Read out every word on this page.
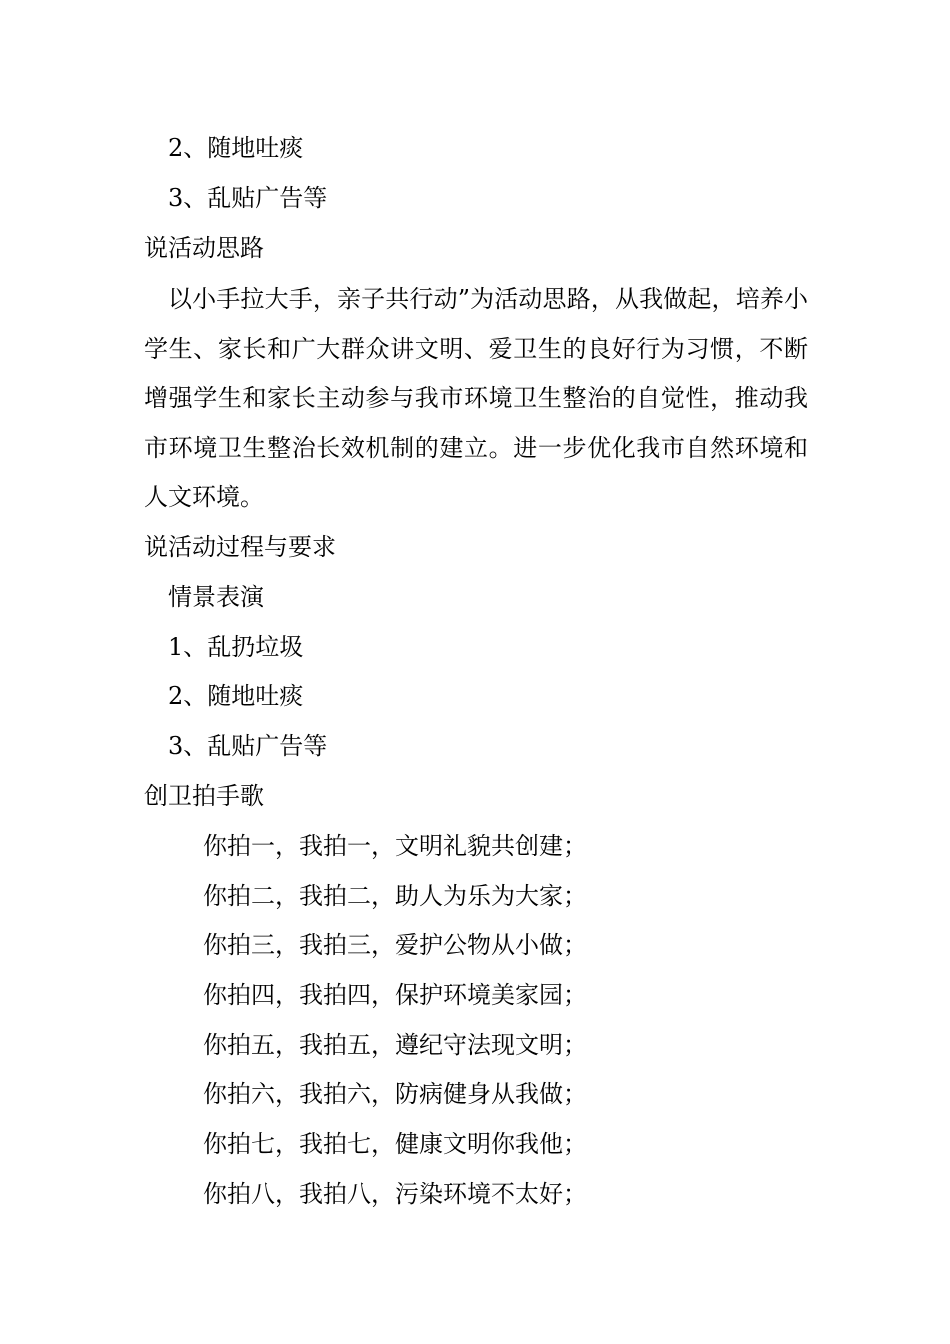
2、随地吐痰
3、乱贴广告等
说活动思路
以小手拉大手，亲子共行动”为活动思路，从我做起，培养小学生、家长和广大群众讲文明、爱卫生的良好行为习惯，不断增强学生和家长主动参与我市环境卫生整治的自觉性，推动我市环境卫生整治长效机制的建立。进一步优化我市自然环境和人文环境。
说活动过程与要求
情景表演
1、乱扔垃圾
2、随地吐痰
3、乱贴广告等
创卫拍手歌
你拍一，我拍一，文明礼貌共创建；
你拍二，我拍二，助人为乐为大家；
你拍三，我拍三，爱护公物从小做；
你拍四，我拍四，保护环境美家园；
你拍五，我拍五，遵纪守法现文明；
你拍六，我拍六，防病健身从我做；
你拍七，我拍七，健康文明你我他；
你拍八，我拍八，污染环境不太好；
